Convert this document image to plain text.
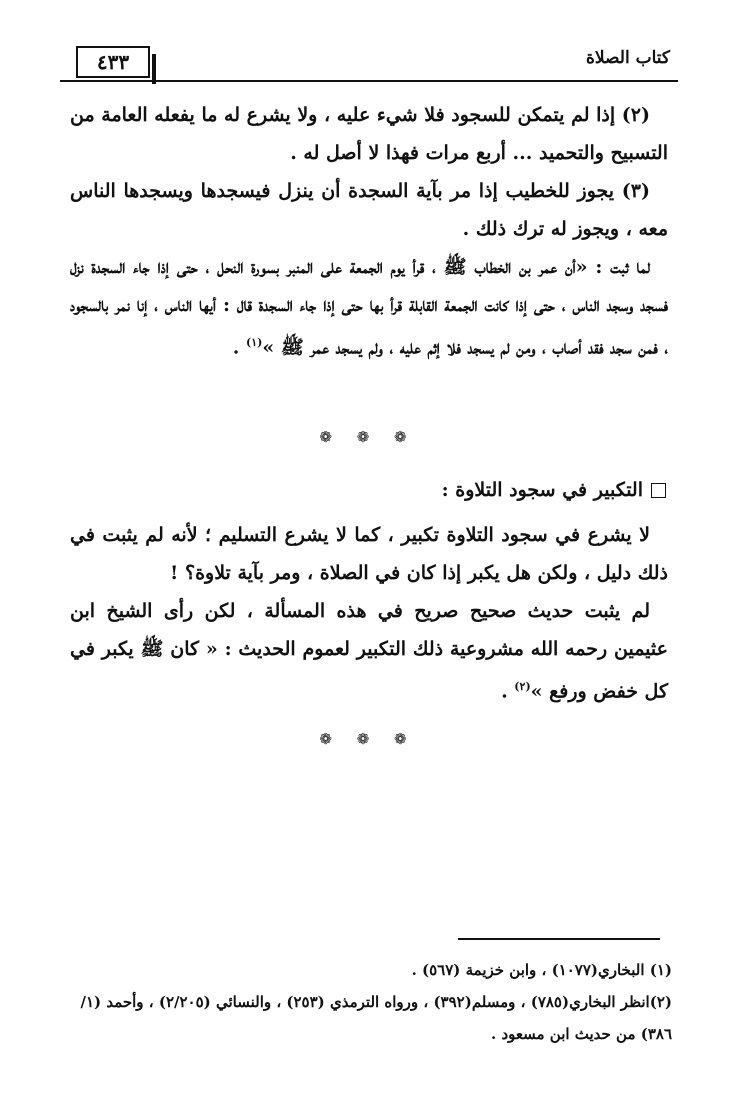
٤٣٣	كتاب الصلاة

(٢) إذا لم يتمكن للسجود فلا شيء عليه ، ولا يشرع له ما يفعله العامة من التسبيح والتحميد ... أربع مرات فهذا لا أصل له .

(٣) يجوز للخطيب إذا مر بآية السجدة أن ينزل فيسجدها ويسجدها الناس معه ، ويجوز له ترك ذلك .

لما ثبت : «أن عمر بن الخطاب ﷺ ، قرأ يوم الجمعة على المنبر بسورة النحل ، حتى إذا جاء السجدة نزل فسجد وسجد الناس ، حتى إذا كانت الجمعة القابلة قرأ بها حتى إذا جاء السجدة قال : أيها الناس ، إنا نمر بالسجود ، فمن سجد فقد أصاب ، ومن لم يسجد فلا إثم عليه ، ولم يسجد عمر ﷺ »$^{(١)}$ .

❁ ❁ ❁
التكبير في سجود التلاوة :

لا يشرع في سجود التلاوة تكبير ، كما لا يشرع التسليم ؛ لأنه لم يثبت في ذلك دليل ، ولكن هل يكبر إذا كان في الصلاة ، ومر بآية تلاوة؟ !

لم يثبت حديث صحيح صريح في هذه المسألة ، لكن رأى الشيخ ابن عثيمين رحمه الله مشروعية ذلك التكبير لعموم الحديث : « كان ﷺ يكبر في كل خفض ورفع »$^{(٢)}$ .

❁ ❁ ❁

(١) البخاري(١٠٧٧) ، وابن خزيمة (٥٦٧) .

(٢)انظر البخاري(٧٨٥) ، ومسلم(٣٩٢) ، ورواه الترمذي (٢٥٣) ، والنسائي (٢/٢٠٥) ، وأحمد (١/ ٣٨٦) من حديث ابن مسعود .
